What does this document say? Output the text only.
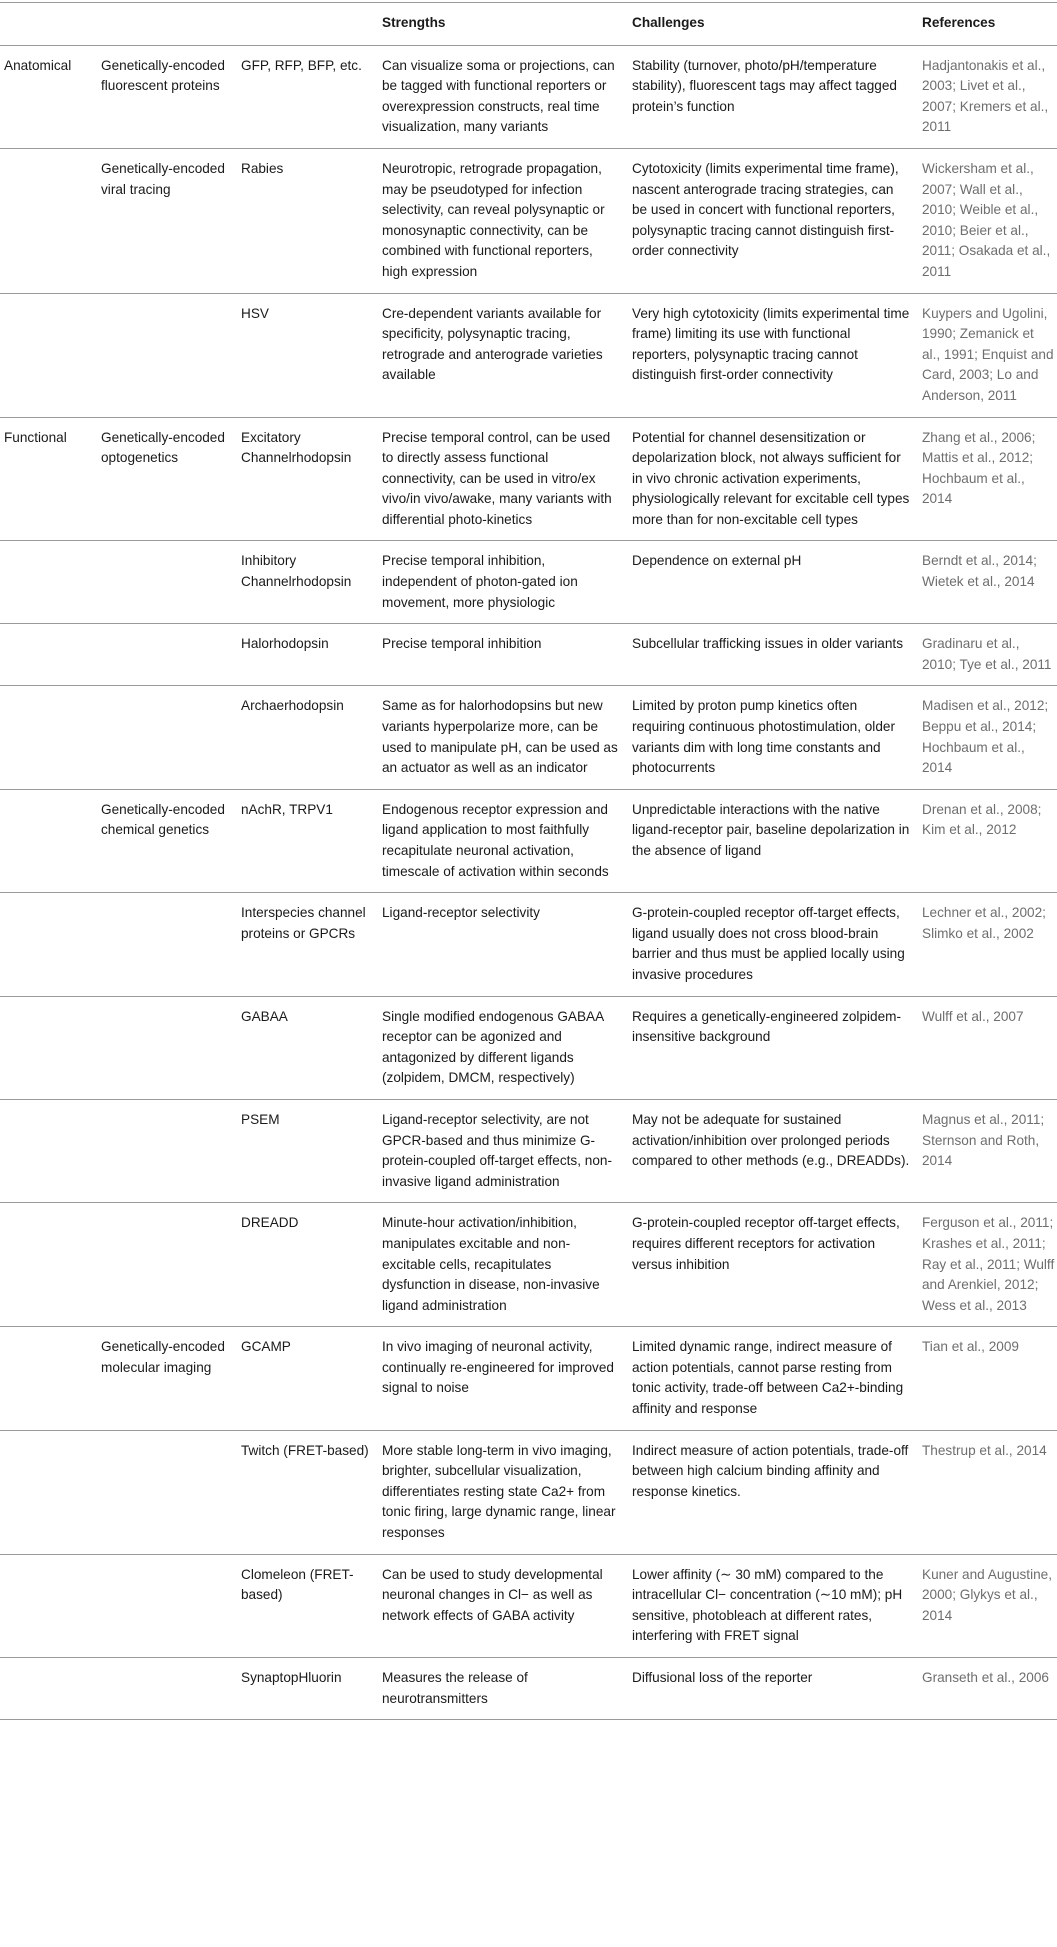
			Strengths	Challenges	References
Anatomical	Genetically-encoded fluorescent proteins	GFP, RFP, BFP, etc.	Can visualize soma or projections, can be tagged with functional reporters or overexpression constructs, real time visualization, many variants	Stability (turnover, photo/pH/temperature stability), fluorescent tags may affect tagged protein’s function	Hadjantonakis et al., 2003; Livet et al., 2007; Kremers et al., 2011
	Genetically-encoded viral tracing	Rabies	Neurotropic, retrograde propagation, may be pseudotyped for infection selectivity, can reveal polysynaptic or monosynaptic connectivity, can be combined with functional reporters, high expression	Cytotoxicity (limits experimental time frame), nascent anterograde tracing strategies, can be used in concert with functional reporters, polysynaptic tracing cannot distinguish first-order connectivity	Wickersham et al., 2007; Wall et al., 2010; Weible et al., 2010; Beier et al., 2011; Osakada et al., 2011
		HSV	Cre-dependent variants available for specificity, polysynaptic tracing, retrograde and anterograde varieties available	Very high cytotoxicity (limits experimental time frame) limiting its use with functional reporters, polysynaptic tracing cannot distinguish first-order connectivity	Kuypers and Ugolini, 1990; Zemanick et al., 1991; Enquist and Card, 2003; Lo and Anderson, 2011
Functional	Genetically-encoded optogenetics	Excitatory Channelrhodopsin	Precise temporal control, can be used to directly assess functional connectivity, can be used in vitro/ex vivo/in vivo/awake, many variants with differential photo-kinetics	Potential for channel desensitization or depolarization block, not always sufficient for in vivo chronic activation experiments, physiologically relevant for excitable cell types more than for non-excitable cell types	Zhang et al., 2006; Mattis et al., 2012; Hochbaum et al., 2014
		Inhibitory Channelrhodopsin	Precise temporal inhibition, independent of photon-gated ion movement, more physiologic	Dependence on external pH	Berndt et al., 2014; Wietek et al., 2014
		Halorhodopsin	Precise temporal inhibition	Subcellular trafficking issues in older variants	Gradinaru et al., 2010; Tye et al., 2011
		Archaerhodopsin	Same as for halorhodopsins but new variants hyperpolarize more, can be used to manipulate pH, can be used as an actuator as well as an indicator	Limited by proton pump kinetics often requiring continuous photostimulation, older variants dim with long time constants and photocurrents	Madisen et al., 2012; Beppu et al., 2014; Hochbaum et al., 2014
	Genetically-encoded chemical genetics	nAchR, TRPV1	Endogenous receptor expression and ligand application to most faithfully recapitulate neuronal activation, timescale of activation within seconds	Unpredictable interactions with the native ligand-receptor pair, baseline depolarization in the absence of ligand	Drenan et al., 2008; Kim et al., 2012
		Interspecies channel proteins or GPCRs	Ligand-receptor selectivity	G-protein-coupled receptor off-target effects, ligand usually does not cross blood-brain barrier and thus must be applied locally using invasive procedures	Lechner et al., 2002; Slimko et al., 2002
		GABAA	Single modified endogenous GABAA receptor can be agonized and antagonized by different ligands (zolpidem, DMCM, respectively)	Requires a genetically-engineered zolpidem-insensitive background	Wulff et al., 2007
		PSEM	Ligand-receptor selectivity, are not GPCR-based and thus minimize G-protein-coupled off-target effects, non-invasive ligand administration	May not be adequate for sustained activation/inhibition over prolonged periods compared to other methods (e.g., DREADDs).	Magnus et al., 2011; Sternson and Roth, 2014
		DREADD	Minute-hour activation/inhibition, manipulates excitable and non-excitable cells, recapitulates dysfunction in disease, non-invasive ligand administration	G-protein-coupled receptor off-target effects, requires different receptors for activation versus inhibition	Ferguson et al., 2011; Krashes et al., 2011; Ray et al., 2011; Wulff and Arenkiel, 2012; Wess et al., 2013
	Genetically-encoded molecular imaging	GCAMP	In vivo imaging of neuronal activity, continually re-engineered for improved signal to noise	Limited dynamic range, indirect measure of action potentials, cannot parse resting from tonic activity, trade-off between Ca2+-binding affinity and response	Tian et al., 2009
		Twitch (FRET-based)	More stable long-term in vivo imaging, brighter, subcellular visualization, differentiates resting state Ca2+ from tonic firing, large dynamic range, linear responses	Indirect measure of action potentials, trade-off between high calcium binding affinity and response kinetics.	Thestrup et al., 2014
		Clomeleon (FRET-based)	Can be used to study developmental neuronal changes in Cl− as well as network effects of GABA activity	Lower affinity (∼ 30 mM) compared to the intracellular Cl− concentration (∼10 mM); pH sensitive, photobleach at different rates, interfering with FRET signal	Kuner and Augustine, 2000; Glykys et al., 2014
		SynaptopHluorin	Measures the release of neurotransmitters	Diffusional loss of the reporter	Granseth et al., 2006
